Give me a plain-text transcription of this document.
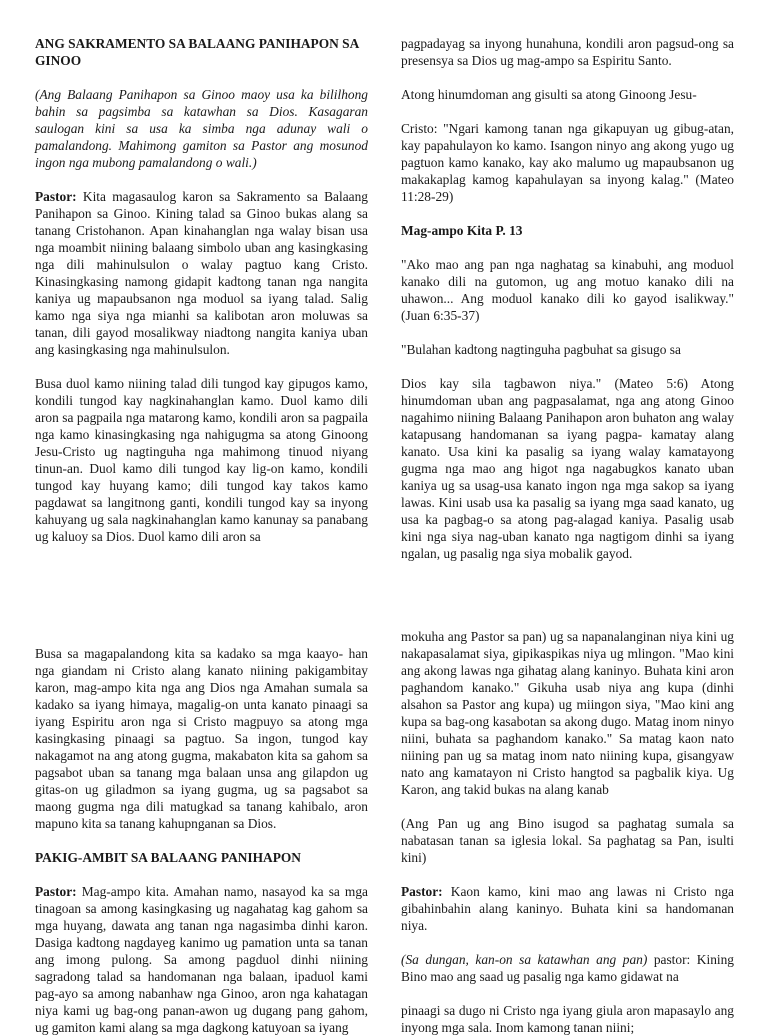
ANG SAKRAMENTO SA BALAANG PANIHAPON SA GINOO

(Ang Balaang Panihapon sa Ginoo maoy usa ka bililhong bahin sa pagsimba sa katawhan sa Dios. Kasagaran saulogan kini sa usa ka simba nga adunay wali o pamalandong. Mahimong gamiton sa Pastor ang mosunod ingon nga mubong pamalandong o wali.)

Pastor: Kita magasaulog karon sa Sakramento sa Balaang Panihapon sa Ginoo. Kining talad sa Ginoo bukas alang sa tanang Cristohanon. Apan kinahanglan nga walay bisan usa nga moambit niining balaang simbolo uban ang kasingkasing nga dili mahinulsulon o walay pagtuo kang Cristo. Kinasingkasing namong gidapit kadtong tanan nga nangita kaniya ug mapaubsanon nga moduol sa iyang talad. Salig kamo nga siya nga mianhi sa kalibotan aron moluwas sa tanan, dili gayod mosalikway niadtong nangita kaniya uban ang kasingkasing nga mahinulsulon.

Busa duol kamo niining talad dili tungod kay gipugos kamo, kondili tungod kay nagkinahanglan kamo. Duol kamo dili aron sa pagpaila nga matarong kamo, kondili aron sa pagpaila nga kamo kinasingkasing nga nahigugma sa atong Ginoong Jesu-Cristo ug nagtinguha nga mahimong tinuod niyang tinun-an. Duol kamo dili tungod kay lig-on kamo, kondili tungod kay huyang kamo; dili tungod kay takos kamo pagdawat sa langitnong ganti, kondili tungod kay sa inyong kahuyang ug sala nagkinahanglan kamo kanunay sa panabang ug kaluoy sa Dios. Duol kamo dili aron sa

pagpadayag sa inyong hunahuna, kondili aron pagsud-ong sa presensya sa Dios ug mag-ampo sa Espiritu Santo.

Atong hinumdoman ang gisulti sa atong Ginoong Jesu-

Cristo: "Ngari kamong tanan nga gikapuyan ug gibug-atan, kay papahulayon ko kamo. Isangon ninyo ang akong yugo ug pagtuon kamo kanako, kay ako malumo ug mapaubsanon ug makakaplag kamog kapahulayan sa inyong kalag." (Mateo 11:28-29)

Mag-ampo Kita P. 13

"Ako mao ang pan nga naghatag sa kinabuhi, ang moduol kanako dili na gutomon, ug ang motuo kanako dili na uhawon... Ang moduol kanako dili ko gayod isalikway." (Juan 6:35-37)

"Bulahan kadtong nagtinguha pagbuhat sa gisugo sa

Dios kay sila tagbawon niya." (Mateo 5:6) Atong hinumdoman uban ang pagpasalamat, nga ang atong Ginoo nagahimo niining Balaang Panihapon aron buhaton ang walay katapusang handomanan sa iyang pagpa- kamatay alang kanato. Usa kini ka pasalig sa iyang walay kamatayong gugma nga mao ang higot nga nagabugkos kanato uban kaniya ug sa usag-usa kanato ingon nga mga sakop sa iyang lawas. Kini usab usa ka pasalig sa iyang mga saad kanato, ug usa ka pagbag-o sa atong pag-alagad kaniya. Pasalig usab kini nga siya nag-uban kanato nga nagtigom dinhi sa iyang ngalan, ug pasalig nga siya mobalik gayod.

Busa sa magapalandong kita sa kadako sa mga kaayo- han nga giandam ni Cristo alang kanato niining pakigambitay karon, mag-ampo kita nga ang Dios nga Amahan sumala sa kadako sa iyang himaya, magalig-on unta kanato pinaagi sa iyang Espiritu aron nga si Cristo magpuyo sa atong mga kasingkasing pinaagi sa pagtuo. Sa ingon, tungod kay nakagamot na ang atong gugma, makabaton kita sa gahom sa pagsabot uban sa tanang mga balaan unsa ang gilapdon ug gitas-on ug giladmon sa iyang gugma, ug sa pagsabot sa maong gugma nga dili matugkad sa tanang kahibalo, aron mapuno kita sa tanang kahupnganan sa Dios.

PAKIG-AMBIT SA BALAANG PANIHAPON

Pastor: Mag-ampo kita. Amahan namo, nasayod ka sa mga tinagoan sa among kasingkasing ug nagahatag kag gahom sa mga huyang, dawata ang tanan nga nagasimba dinhi karon. Dasiga kadtong nagdayeg kanimo ug pamation unta sa tanan ang imong pulong. Sa among pagduol dinhi niining sagradong talad sa handomanan nga balaan, ipaduol kami pag-ayo sa among nabanhaw nga Ginoo, aron nga kahatagan niya kami ug bag-ong panan-awon ug dugang pang gahom, ug gamiton kami alang sa mga dagkong katuyoan sa iyang

mokuha ang Pastor sa pan) ug sa napanalanginan niya kini ug nakapasalamat siya, gipikaspikas niya ug mlingon. "Mao kini ang akong lawas nga gihatag alang kaninyo. Buhata kini aron paghandom kanako." Gikuha usab niya ang kupa (dinhi alsahon sa Pastor ang kupa) ug miingon siya, "Mao kini ang kupa sa bag-ong kasabotan sa akong dugo. Matag inom ninyo niini, buhata sa paghandom kanako." Sa matag kaon nato niining pan ug sa matag inom nato niining kupa, gisangyaw nato ang kamatayon ni Cristo hangtod sa pagbalik kiya. Ug Karon, ang takid bukas na alang kanab

(Ang Pan ug ang Bino isugod sa paghatag sumala sa nabatasan tanan sa iglesia lokal. Sa paghatag sa Pan, isulti kini)

Pastor: Kaon kamo, kini mao ang lawas ni Cristo nga gibahinbahin alang kaninyo. Buhata kini sa handomanan niya.

(Sa dungan, kan-on sa katawhan ang pan) pastor: Kining Bino mao ang saad ug pasalig nga kamo gidawat na

pinaagi sa dugo ni Cristo nga iyang giula aron mapasaylo ang inyong mga sala. Inom kamong tanan niini;
